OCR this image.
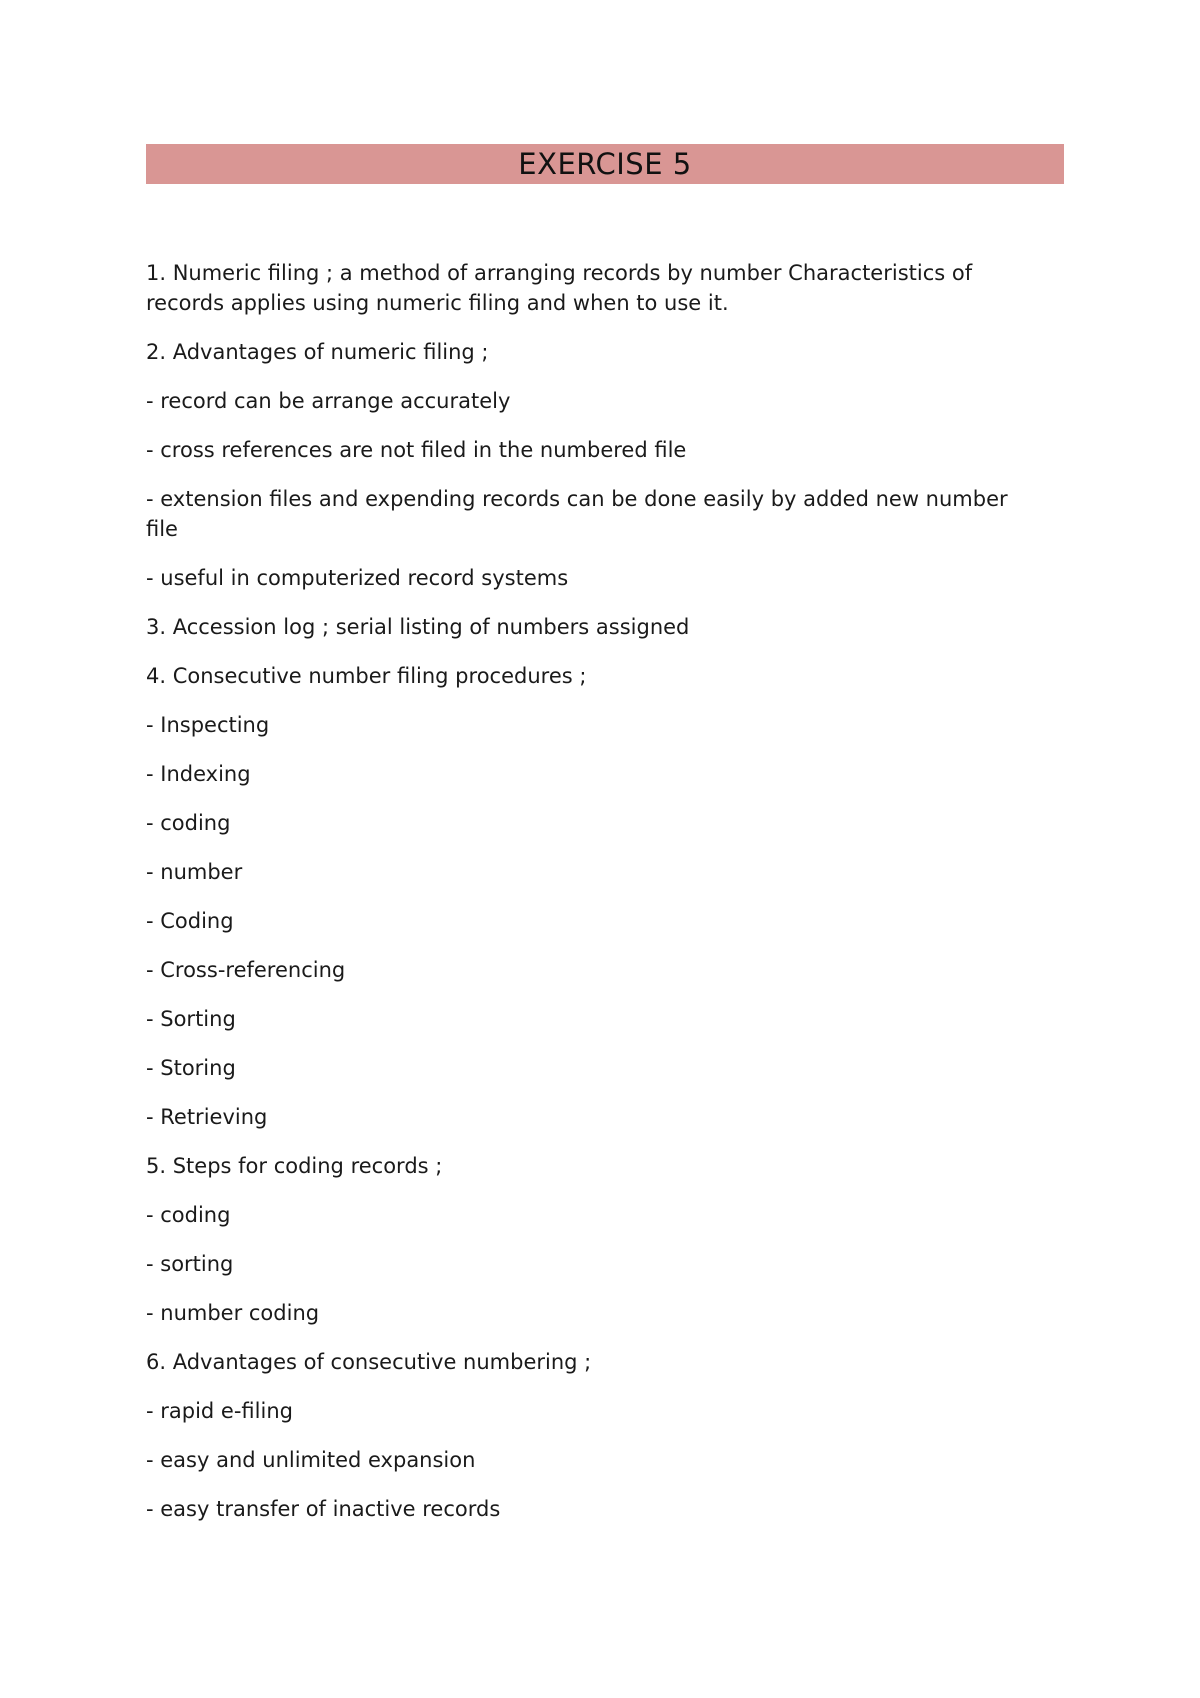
EXERCISE 5

1. Numeric filing ; a method of arranging records by number Characteristics of records applies using numeric filing and when to use it.

2. Advantages of numeric filing ;

- record can be arrange accurately

- cross references are not filed in the numbered file

- extension files and expending records can be done easily by added new number file

- useful in computerized record systems

3. Accession log ; serial listing of numbers assigned

4. Consecutive number filing procedures ;

- Inspecting

- Indexing

- coding

- number

- Coding

- Cross-referencing

- Sorting

- Storing

- Retrieving

5. Steps for coding records ;

- coding

- sorting

- number coding

6. Advantages of consecutive numbering ;

- rapid e-filing

- easy and unlimited expansion

- easy transfer of inactive records
